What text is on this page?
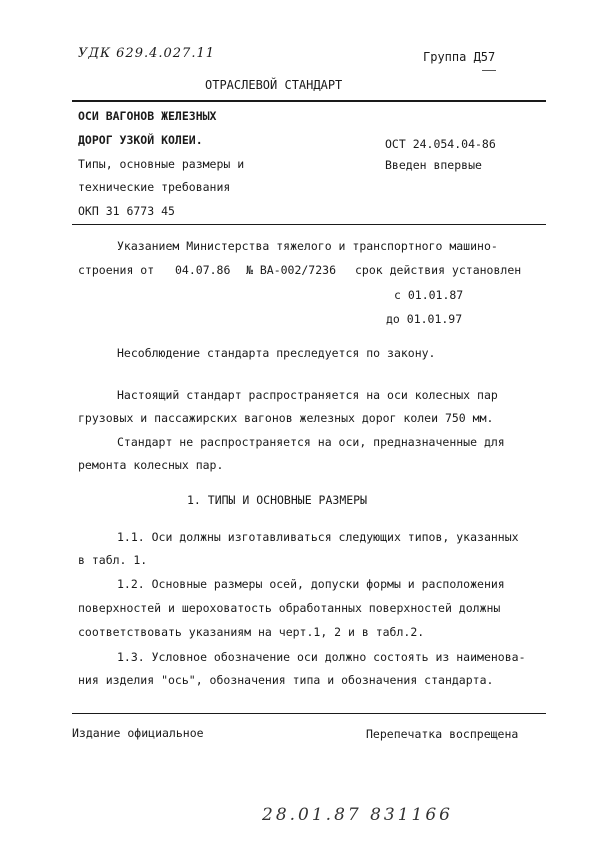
УДК 629.4.027.11	Группа Д57
ОТРАСЛЕВОЙ СТАНДАРТ
ОСИ ВАГОНОВ ЖЕЛЕЗНЫХ
ДОРОГ УЗКОЙ КОЛЕИ.
Типы, основные размеры и
технические требования
ОКП 31 6773 45
ОСТ 24.054.04-86
Введен впервые
Указанием Министерства тяжелого и транспортного машино-
строения от 04.07.86 № ВА-002/7236 срок действия установлен
с 01.01.87
до 01.01.97
Несоблюдение стандарта преследуется по закону.
Настоящий стандарт распространяется на оси колесных пар
грузовых и пассажирских вагонов железных дорог колеи 750 мм.
Стандарт не распространяется на оси, предназначенные для
ремонта колесных пар.
1. ТИПЫ И ОСНОВНЫЕ РАЗМЕРЫ
1.1. Оси должны изготавливаться следующих типов, указанных
в табл. 1.
1.2. Основные размеры осей, допуски формы и расположения
поверхностей и шероховатость обработанных поверхностей должны
соответствовать указаниям на черт.1, 2 и в табл.2.
1.3. Условное обозначение оси должно состоять из наименова-
ния изделия "ось", обозначения типа и обозначения стандарта.
Издание официальное	Перепечатка воспрещена
28.01.87 831166
